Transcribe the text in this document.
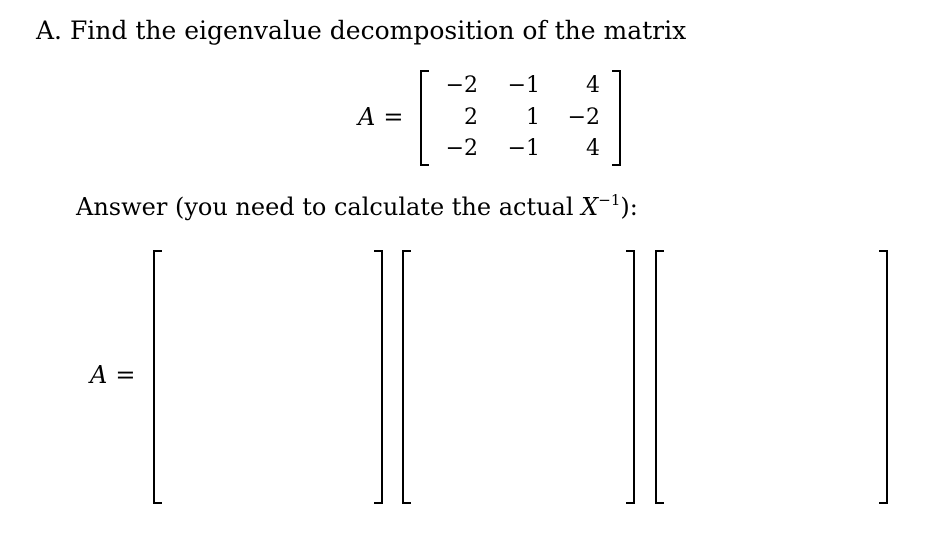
A. Find the eigenvalue decomposition of the matrix
A =
−2	−1	4
2	1	−2
−2	−1	4
Answer (you need to calculate the actual $X^{-1}$):
A =
